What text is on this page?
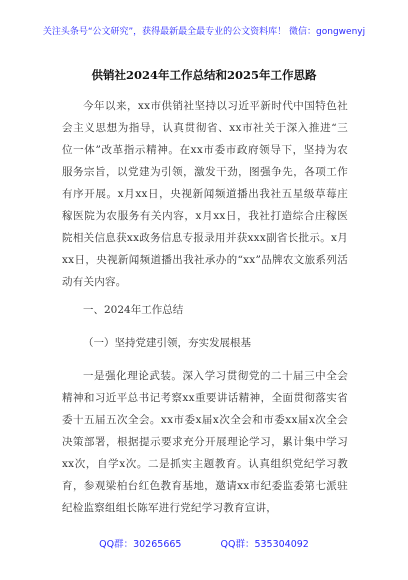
关注头条号“公文研究”，获得最新最全最专业的公文资料库！ 微信：gongwenyj
供销社2024年工作总结和2025年工作思路

今年以来，xx市供销社坚持以习近平新时代中国特色社会主义思想为指导，认真贯彻省、xx市社关于深入推进“三位一体”改革指示精神。在xx市委市政府领导下，坚持为农服务宗旨，以党建为引领，激发干劲，图强争先，各项工作有序开展。x月xx日，央视新闻频道播出我社五星级草莓庄稼医院为农服务有关内容，x月xx日，我社打造综合庄稼医院相关信息获xx政务信息专报录用并获xxx副省长批示。x月xx日，央视新闻频道播出我社承办的“xx”品牌农文旅系列活动有关内容。

一、2024年工作总结

（一）坚持党建引领，夯实发展根基

一是强化理论武装。深入学习贯彻党的二十届三中全会精神和习近平总书记考察xx重要讲话精神，全面贯彻落实省委十五届五次全会。xx市委x届x次全会和市委xx届x次全会决策部署，根据提示要求充分开展理论学习，累计集中学习xx次，自学x次。二是抓实主题教育。认真组织党纪学习教育，参观梁柏台红色教育基地，邀请xx市纪委监委第七派驻纪检监察组组长陈军进行党纪学习教育宣讲，

QQ群：30265665	QQ群：535304092
